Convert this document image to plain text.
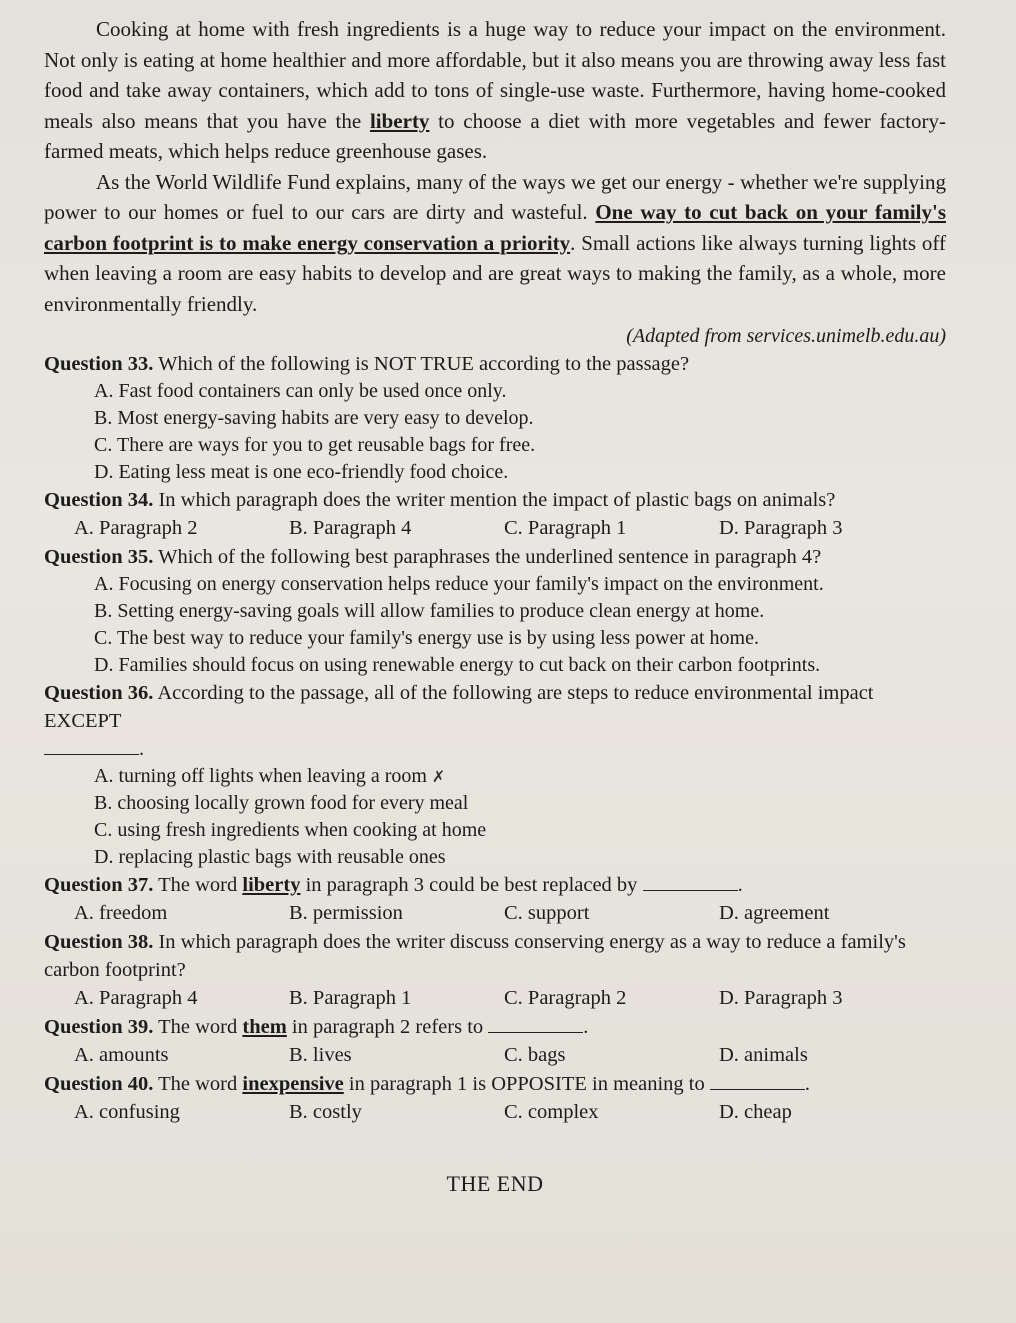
Cooking at home with fresh ingredients is a huge way to reduce your impact on the environment. Not only is eating at home healthier and more affordable, but it also means you are throwing away less fast food and take away containers, which add to tons of single-use waste. Furthermore, having home-cooked meals also means that you have the liberty to choose a diet with more vegetables and fewer factory-farmed meats, which helps reduce greenhouse gases.

As the World Wildlife Fund explains, many of the ways we get our energy - whether we're supplying power to our homes or fuel to our cars are dirty and wasteful. One way to cut back on your family's carbon footprint is to make energy conservation a priority. Small actions like always turning lights off when leaving a room are easy habits to develop and are great ways to making the family, as a whole, more environmentally friendly.

(Adapted from services.unimelb.edu.au)

Question 33. Which of the following is NOT TRUE according to the passage?

A. Fast food containers can only be used once only.
B. Most energy-saving habits are very easy to develop.
C. There are ways for you to get reusable bags for free.
D. Eating less meat is one eco-friendly food choice.

Question 34. In which paragraph does the writer mention the impact of plastic bags on animals?

A. Paragraph 2	B. Paragraph 4	C. Paragraph 1	D. Paragraph 3

Question 35. Which of the following best paraphrases the underlined sentence in paragraph 4?

A. Focusing on energy conservation helps reduce your family's impact on the environment.
B. Setting energy-saving goals will allow families to produce clean energy at home.
C. The best way to reduce your family's energy use is by using less power at home.
D. Families should focus on using renewable energy to cut back on their carbon footprints.

Question 36. According to the passage, all of the following are steps to reduce environmental impact EXCEPT

.
A. turning off lights when leaving a room ✗
B. choosing locally grown food for every meal
C. using fresh ingredients when cooking at home
D. replacing plastic bags with reusable ones

Question 37. The word liberty in paragraph 3 could be best replaced by	.

A. freedom	B. permission	C. support	D. agreement

Question 38. In which paragraph does the writer discuss conserving energy as a way to reduce a family's carbon footprint?

A. Paragraph 4	B. Paragraph 1	C. Paragraph 2	D. Paragraph 3

Question 39. The word them in paragraph 2 refers to	.

A. amounts	B. lives	C. bags	D. animals

Question 40. The word inexpensive in paragraph 1 is OPPOSITE in meaning to	.

A. confusing	B. costly	C. complex	D. cheap
THE END
